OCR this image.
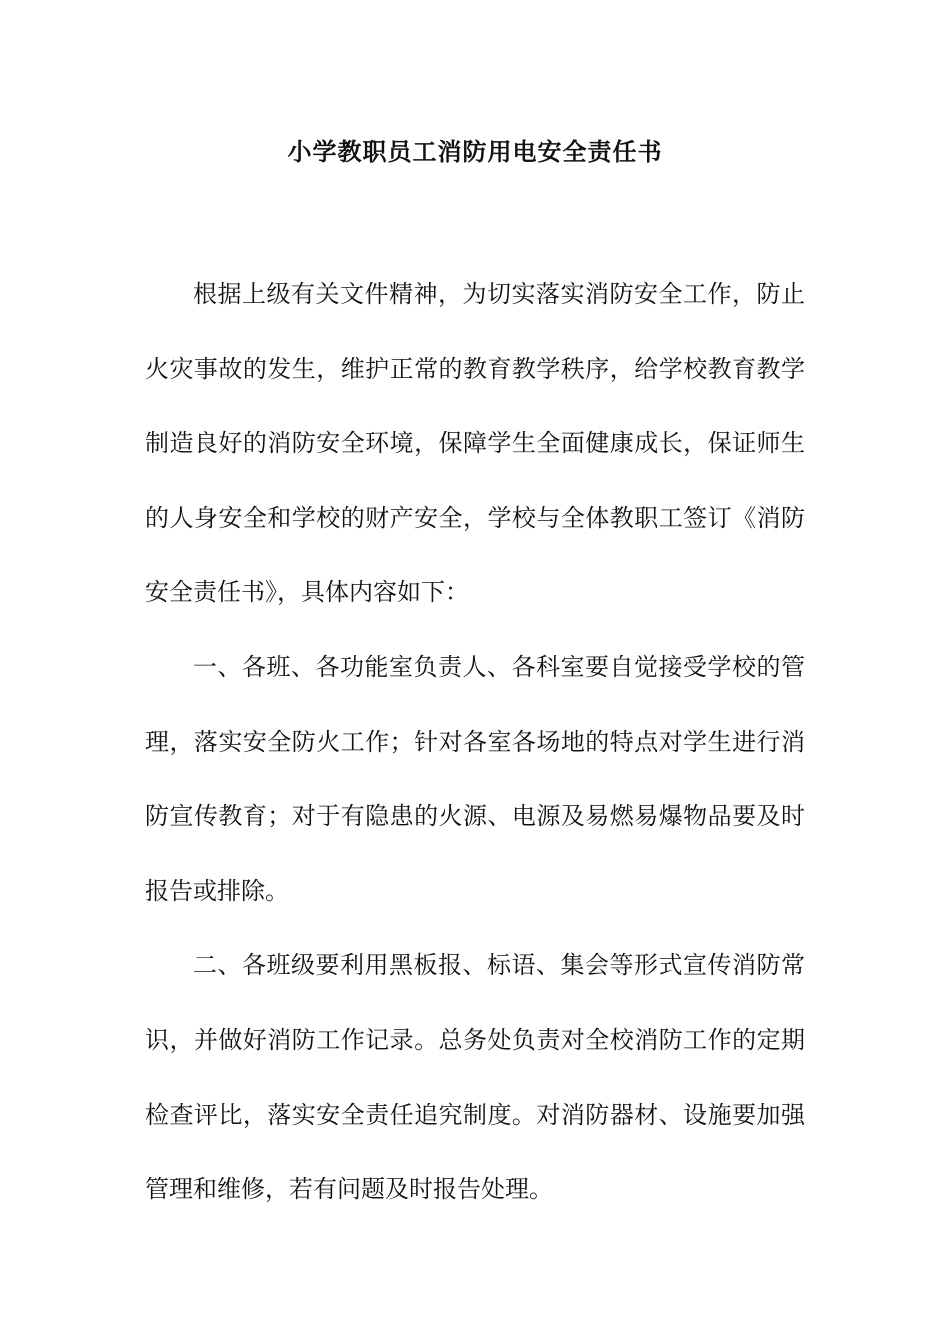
小学教职员工消防用电安全责任书

根据上级有关文件精神，为切实落实消防安全工作，防止火灾事故的发生，维护正常的教育教学秩序，给学校教育教学制造良好的消防安全环境，保障学生全面健康成长，保证师生的人身安全和学校的财产安全，学校与全体教职工签订《消防安全责任书》，具体内容如下：

一、各班、各功能室负责人、各科室要自觉接受学校的管理，落实安全防火工作；针对各室各场地的特点对学生进行消防宣传教育；对于有隐患的火源、电源及易燃易爆物品要及时报告或排除。

二、各班级要利用黑板报、标语、集会等形式宣传消防常识，并做好消防工作记录。总务处负责对全校消防工作的定期检查评比，落实安全责任追究制度。对消防器材、设施要加强管理和维修，若有问题及时报告处理。
